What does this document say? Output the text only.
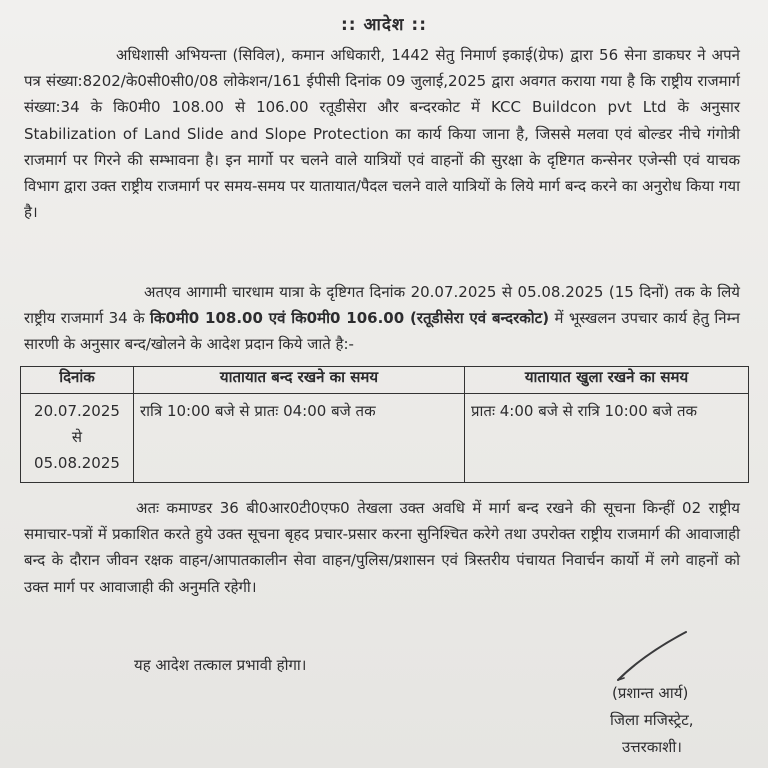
:: आदेश ::

अधिशासी अभियन्ता (सिविल), कमान अधिकारी, 1442 सेतु निमार्ण इकाई(ग्रेफ) द्वारा 56 सेना डाकघर ने अपने पत्र संख्या:8202/के0सी0सी0/08 लोकेशन/161 ईपीसी दिनांक 09 जुलाई,2025 द्वारा अवगत कराया गया है कि राष्ट्रीय राजमार्ग संख्या:34 के कि0मी0 108.00 से 106.00 रतूडीसेरा और बन्दरकोट में KCC Buildcon pvt Ltd के अनुसार Stabilization of Land Slide and Slope Protection का कार्य किया जाना है, जिससे मलवा एवं बोल्डर नीचे गंगोत्री राजमार्ग पर गिरने की सम्भावना है। इन मार्गो पर चलने वाले यात्रियों एवं वाहनों की सुरक्षा के दृष्टिगत कन्सेनर एजेन्सी एवं याचक विभाग द्वारा उक्त राष्ट्रीय राजमार्ग पर समय-समय पर यातायात/पैदल चलने वाले यात्रियों के लिये मार्ग बन्द करने का अनुरोध किया गया है।

अतएव आगामी चारधाम यात्रा के दृष्टिगत दिनांक 20.07.2025 से 05.08.2025 (15 दिनों) तक के लिये राष्ट्रीय राजमार्ग 34 के कि0मी0 108.00 एवं कि0मी0 106.00 (रतूडीसेरा एवं बन्दरकोट) में भूस्खलन उपचार कार्य हेतु निम्न सारणी के अनुसार बन्द/खोलने के आदेश प्रदान किये जाते है:-

दिनांक	यातायात बन्द रखने का समय	यातायात खुला रखने का समय

20.07.2025
से
05.08.2025	रात्रि 10:00 बजे से प्रातः 04:00 बजे तक	प्रातः 4:00 बजे से रात्रि 10:00 बजे तक

अतः कमाण्डर 36 बी0आर0टी0एफ0 तेखला उक्त अवधि में मार्ग बन्द रखने की सूचना किन्हीं 02 राष्ट्रीय समाचार-पत्रों में प्रकाशित करते हुये उक्त सूचना बृहद प्रचार-प्रसार करना सुनिश्चित करेगे तथा उपरोक्त राष्ट्रीय राजमार्ग की आवाजाही बन्द के दौरान जीवन रक्षक वाहन/आपातकालीन सेवा वाहन/पुलिस/प्रशासन एवं त्रिस्तरीय पंचायत निवार्चन कार्यो में लगे वाहनों को उक्त मार्ग पर आवाजाही की अनुमति रहेगी।

यह आदेश तत्काल प्रभावी होगा।

(प्रशान्त आर्य)
जिला मजिस्ट्रेट,
उत्तरकाशी।
